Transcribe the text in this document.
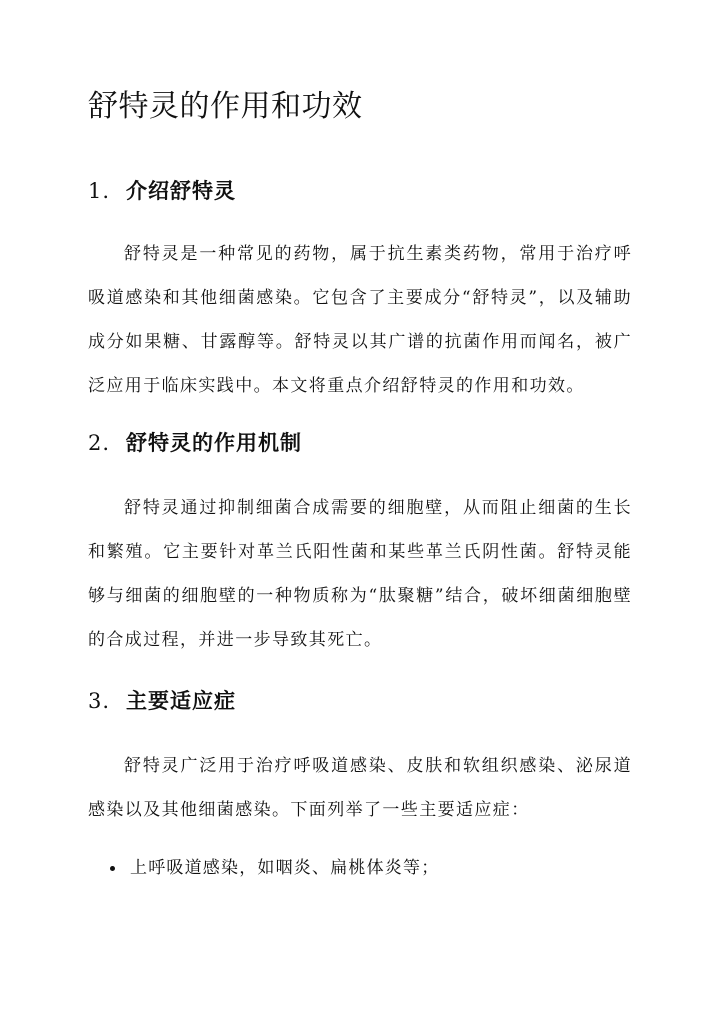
舒特灵的作用和功效
1. 介绍舒特灵

舒特灵是一种常见的药物，属于抗生素类药物，常用于治疗呼吸道感染和其他细菌感染。它包含了主要成分“舒特灵”，以及辅助成分如果糖、甘露醇等。舒特灵以其广谱的抗菌作用而闻名，被广泛应用于临床实践中。本文将重点介绍舒特灵的作用和功效。

2. 舒特灵的作用机制

舒特灵通过抑制细菌合成需要的细胞壁，从而阻止细菌的生长和繁殖。它主要针对革兰氏阳性菌和某些革兰氏阴性菌。舒特灵能够与细菌的细胞壁的一种物质称为“肽聚糖”结合，破坏细菌细胞壁的合成过程，并进一步导致其死亡。

3. 主要适应症

舒特灵广泛用于治疗呼吸道感染、皮肤和软组织感染、泌尿道感染以及其他细菌感染。下面列举了一些主要适应症：

上呼吸道感染，如咽炎、扁桃体炎等；
